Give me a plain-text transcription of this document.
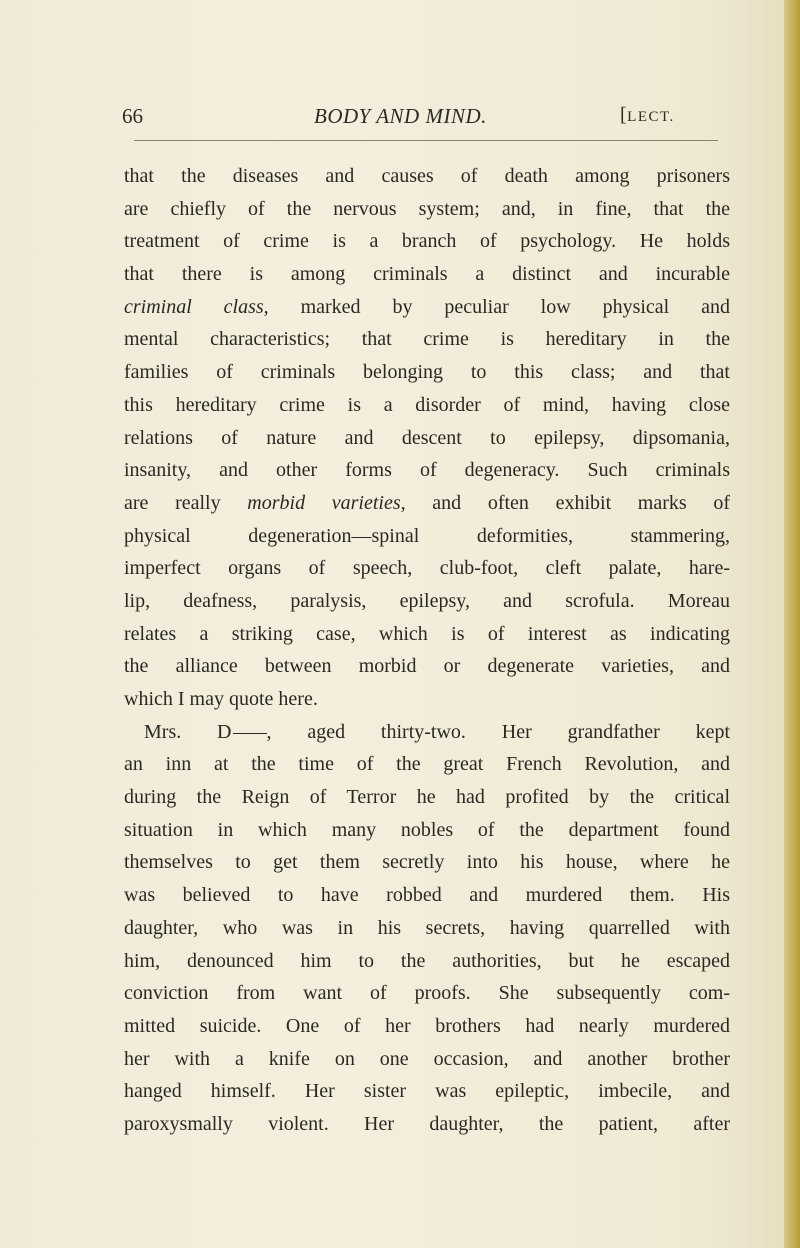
66	BODY AND MIND.	[LECT.
that the diseases and causes of death among prisoners
are chiefly of the nervous system; and, in fine, that the
treatment of crime is a branch of psychology. He holds
that there is among criminals a distinct and incurable
criminal class, marked by peculiar low physical and
mental characteristics; that crime is hereditary in the
families of criminals belonging to this class; and that
this hereditary crime is a disorder of mind, having close
relations of nature and descent to epilepsy, dipsomania,
insanity, and other forms of degeneracy. Such criminals
are really morbid varieties, and often exhibit marks of
physical degeneration—spinal deformities, stammering,
imperfect organs of speech, club-foot, cleft palate, hare-
lip, deafness, paralysis, epilepsy, and scrofula. Moreau
relates a striking case, which is of interest as indicating
the alliance between morbid or degenerate varieties, and
which I may quote here.
Mrs. D , aged thirty-two. Her grandfather kept
an inn at the time of the great French Revolution, and
during the Reign of Terror he had profited by the critical
situation in which many nobles of the department found
themselves to get them secretly into his house, where he
was believed to have robbed and murdered them. His
daughter, who was in his secrets, having quarrelled with
him, denounced him to the authorities, but he escaped
conviction from want of proofs. She subsequently com-
mitted suicide. One of her brothers had nearly murdered
her with a knife on one occasion, and another brother
hanged himself. Her sister was epileptic, imbecile, and
paroxysmally violent. Her daughter, the patient, after
